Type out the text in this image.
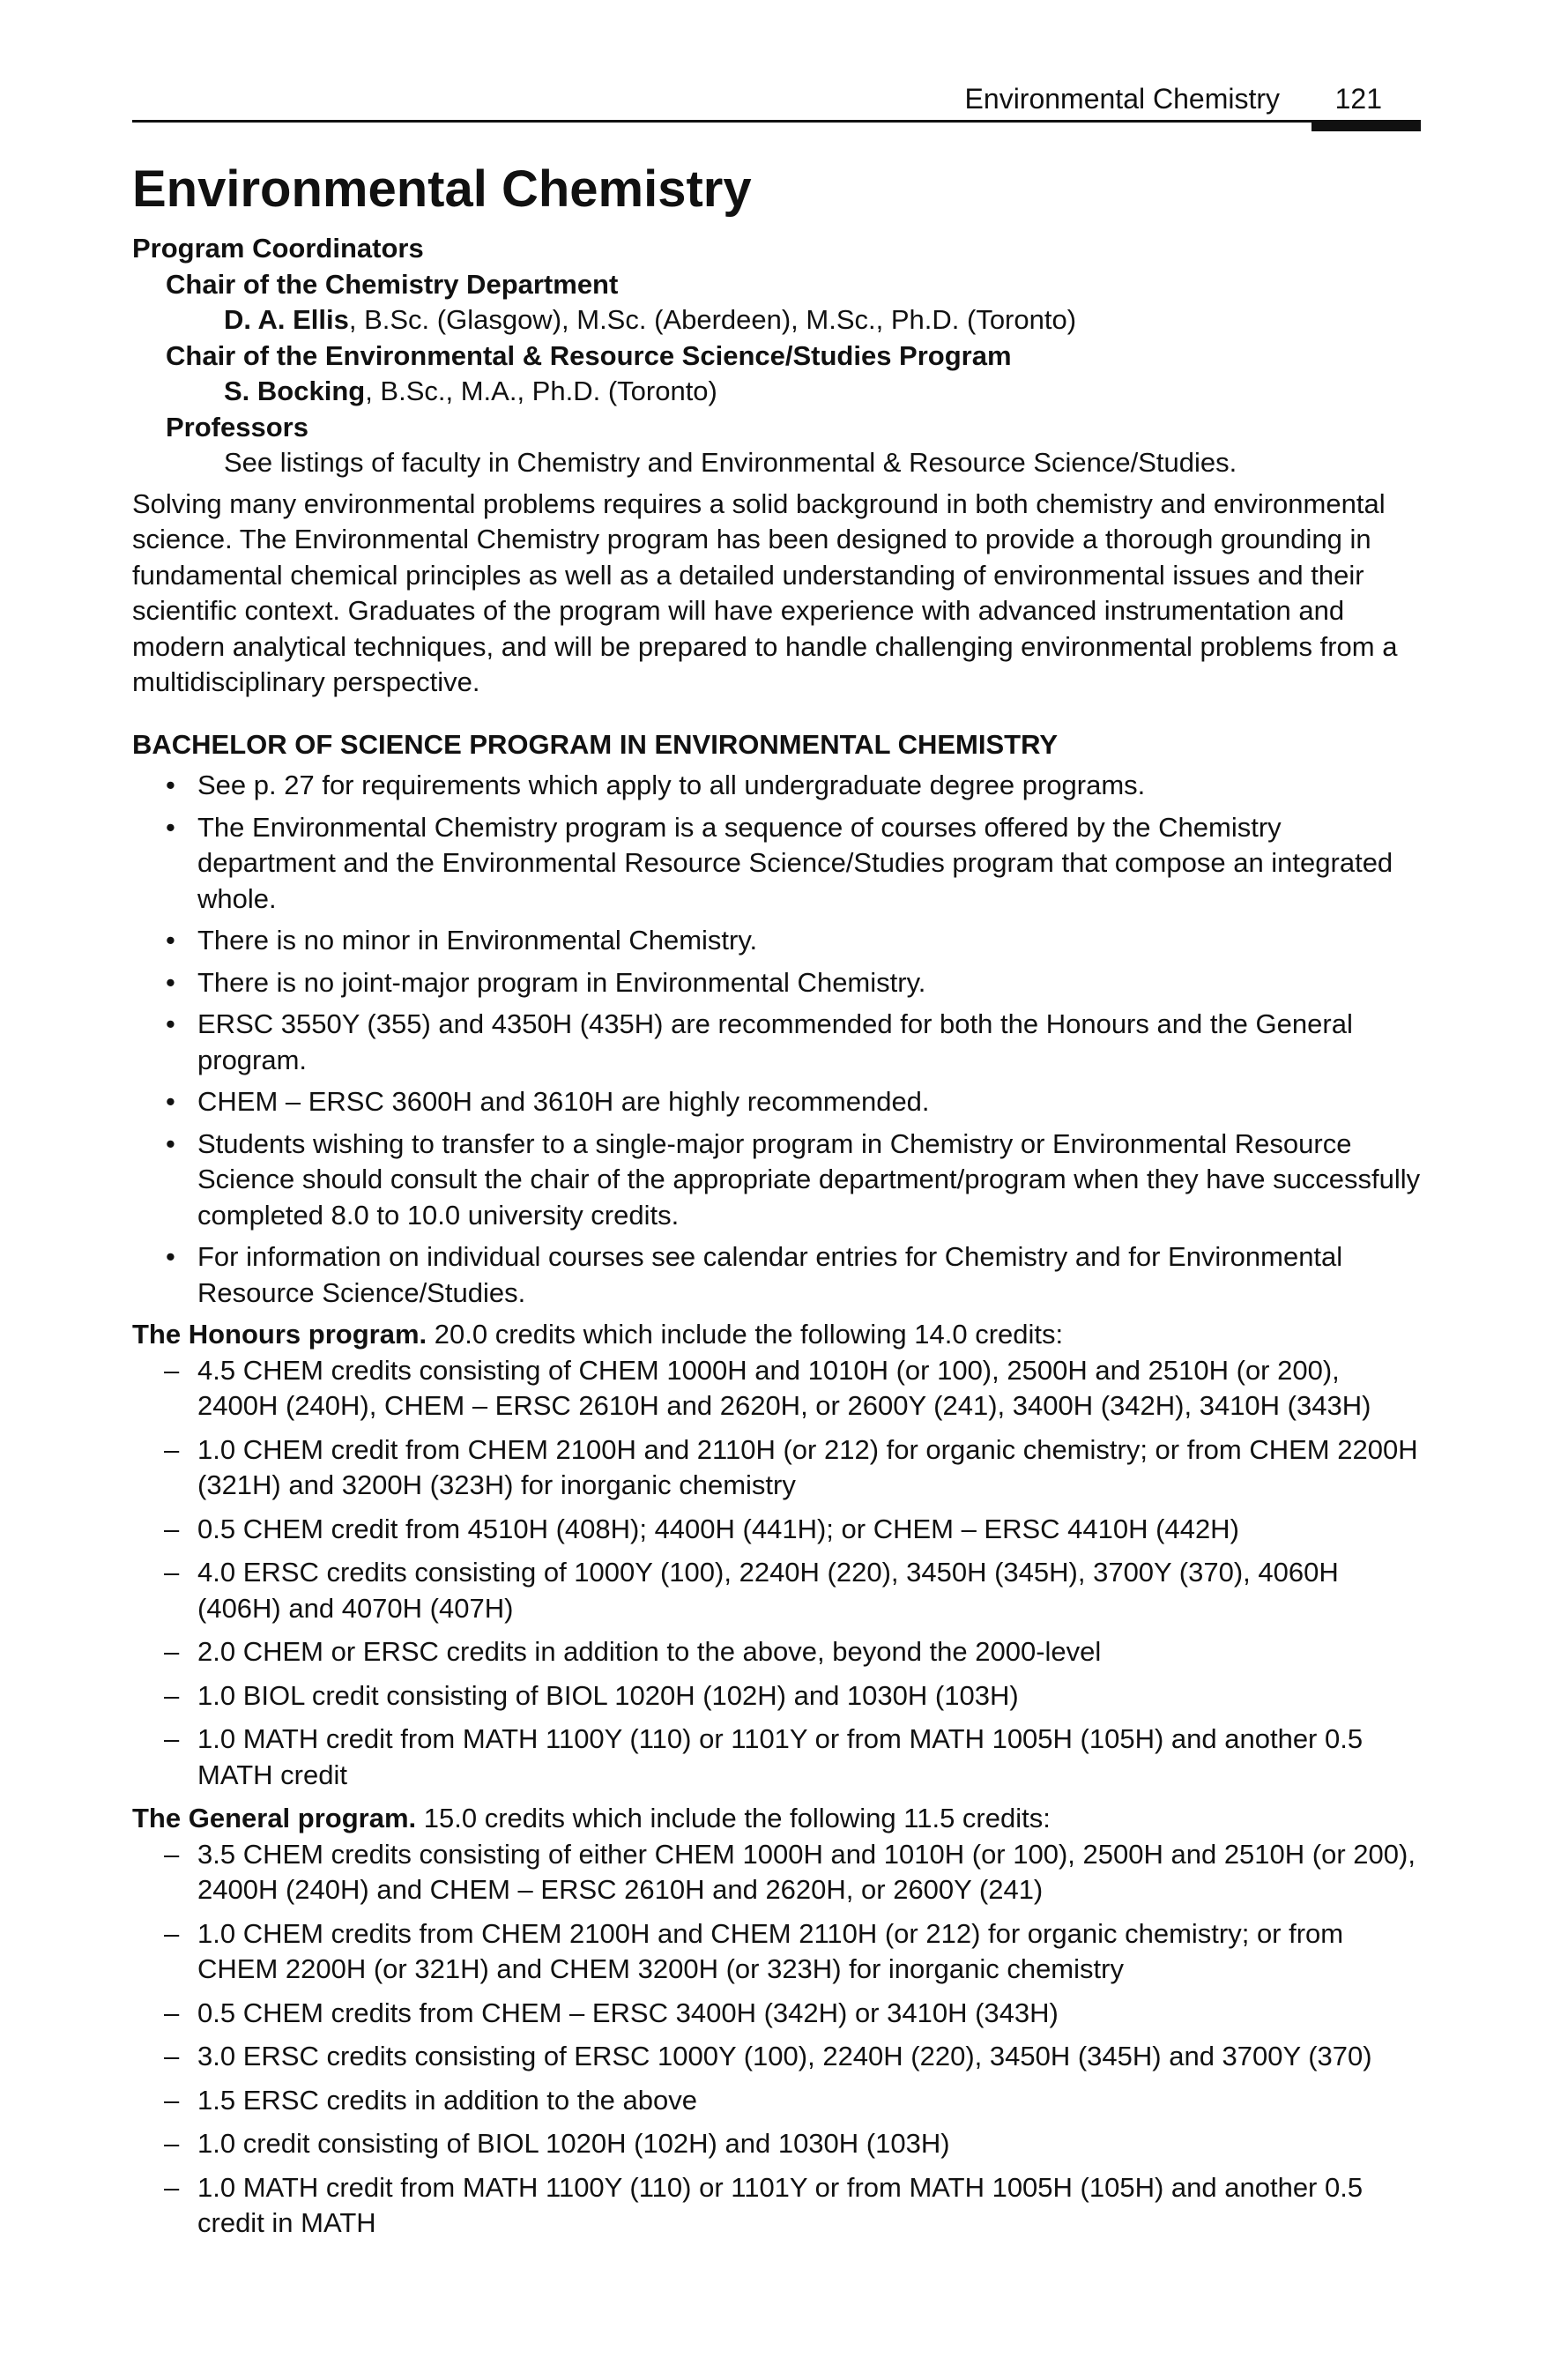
Environmental Chemistry 121
Environmental Chemistry

Program Coordinators

Chair of the Chemistry Department

D. A. Ellis, B.Sc. (Glasgow), M.Sc. (Aberdeen), M.Sc., Ph.D. (Toronto)

Chair of the Environmental & Resource Science/Studies Program

S. Bocking, B.Sc., M.A., Ph.D. (Toronto)

Professors

See listings of faculty in Chemistry and Environmental & Resource Science/Studies.

Solving many environmental problems requires a solid background in both chemistry and environmental science. The Environmental Chemistry program has been designed to provide a thorough grounding in fundamental chemical principles as well as a detailed understanding of environmental issues and their scientific context. Graduates of the program will have experience with advanced instrumentation and modern analytical techniques, and will be prepared to handle challenging environmental problems from a multidisciplinary perspective.

BACHELOR OF SCIENCE PROGRAM IN ENVIRONMENTAL CHEMISTRY

• See p. 27 for requirements which apply to all undergraduate degree programs.
• The Environmental Chemistry program is a sequence of courses offered by the Chemistry department and the Environmental Resource Science/Studies program that compose an integrated whole.
• There is no minor in Environmental Chemistry.
• There is no joint-major program in Environmental Chemistry.
• ERSC 3550Y (355) and 4350H (435H) are recommended for both the Honours and the General program.
• CHEM – ERSC 3600H and 3610H are highly recommended.
• Students wishing to transfer to a single-major program in Chemistry or Environmental Resource Science should consult the chair of the appropriate department/program when they have successfully completed 8.0 to 10.0 university credits.
• For information on individual courses see calendar entries for Chemistry and for Environmental Resource Science/Studies.

The Honours program. 20.0 credits which include the following 14.0 credits:

– 4.5 CHEM credits consisting of CHEM 1000H and 1010H (or 100), 2500H and 2510H (or 200), 2400H (240H), CHEM – ERSC 2610H and 2620H, or 2600Y (241), 3400H (342H), 3410H (343H)
– 1.0 CHEM credit from CHEM 2100H and 2110H (or 212) for organic chemistry; or from CHEM 2200H (321H) and 3200H (323H) for inorganic chemistry
– 0.5 CHEM credit from 4510H (408H); 4400H (441H); or CHEM – ERSC 4410H (442H)
– 4.0 ERSC credits consisting of 1000Y (100), 2240H (220), 3450H (345H), 3700Y (370), 4060H (406H) and 4070H (407H)
– 2.0 CHEM or ERSC credits in addition to the above, beyond the 2000-level
– 1.0 BIOL credit consisting of BIOL 1020H (102H) and 1030H (103H)
– 1.0 MATH credit from MATH 1100Y (110) or 1101Y or from MATH 1005H (105H) and another 0.5 MATH credit

The General program. 15.0 credits which include the following 11.5 credits:

– 3.5 CHEM credits consisting of either CHEM 1000H and 1010H (or 100), 2500H and 2510H (or 200), 2400H (240H) and CHEM – ERSC 2610H and 2620H, or 2600Y (241)
– 1.0 CHEM credits from CHEM 2100H and CHEM 2110H (or 212) for organic chemistry; or from CHEM 2200H (or 321H) and CHEM 3200H (or 323H) for inorganic chemistry
– 0.5 CHEM credits from CHEM – ERSC 3400H (342H) or 3410H (343H)
– 3.0 ERSC credits consisting of ERSC 1000Y (100), 2240H (220), 3450H (345H) and 3700Y (370)
– 1.5 ERSC credits in addition to the above
– 1.0 credit consisting of BIOL 1020H (102H) and 1030H (103H)
– 1.0 MATH credit from MATH 1100Y (110) or 1101Y or from MATH 1005H (105H) and another 0.5 credit in MATH
